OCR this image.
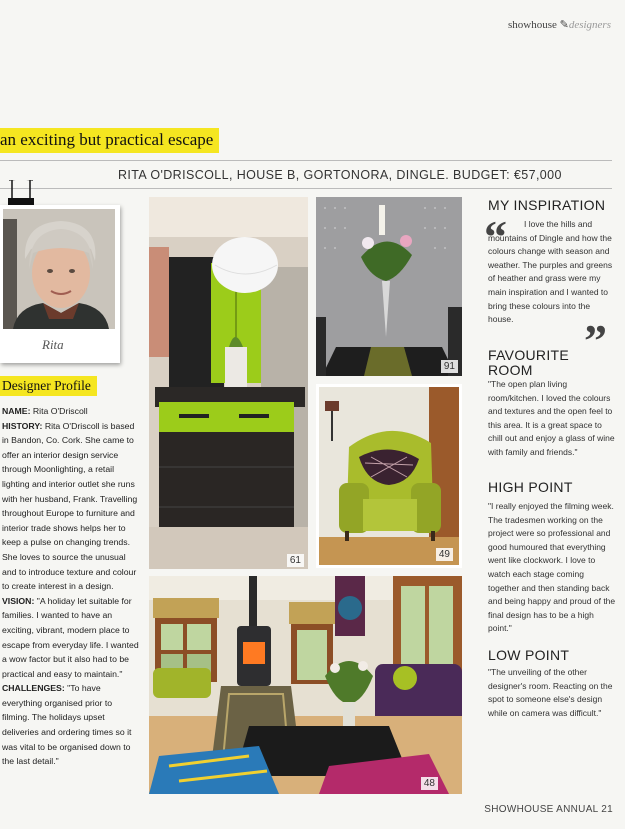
showhouse ✎designers
an exciting but practical escape
RITA O'DRISCOLL, HOUSE B, GORTONORA, DINGLE. BUDGET: €57,000
Rita
Designer Profile
NAME: Rita O'Driscoll
HISTORY: Rita O'Driscoll is based in Bandon, Co. Cork. She came to offer an interior design service through Moonlighting, a retail lighting and interior outlet she runs with her husband, Frank. Travelling throughout Europe to furniture and interior trade shows helps her to keep a pulse on changing trends. She loves to source the unusual and to introduce texture and colour to create interest in a design.
VISION: "A holiday let suitable for families. I wanted to have an exciting, vibrant, modern place to escape from everyday life. I wanted a wow factor but it also had to be practical and easy to maintain."
CHALLENGES: "To have everything organised prior to filming. The holidays upset deliveries and ordering times so it was vital to be organised down to the last detail."
61
91
49
48
MY INSPIRATION
“	I love the hills and mountains of Dingle and how the colours change with season and weather. The purples and greens of heather and grass were my main inspiration and I wanted to bring these colours into the house.	”
FAVOURITE ROOM
"The open plan living room/kitchen. I loved the colours and textures and the open feel to this area. It is a great space to chill out and enjoy a glass of wine with family and friends."
HIGH POINT
"I really enjoyed the filming week. The tradesmen working on the project were so professional and good humoured that everything went like clockwork. I love to watch each stage coming together and then standing back and being happy and proud of the final design has to be a high point."
LOW POINT
"The unveiling of the other designer's room. Reacting on the spot to someone else's design while on camera was difficult."
SHOWHOUSE ANNUAL 21
